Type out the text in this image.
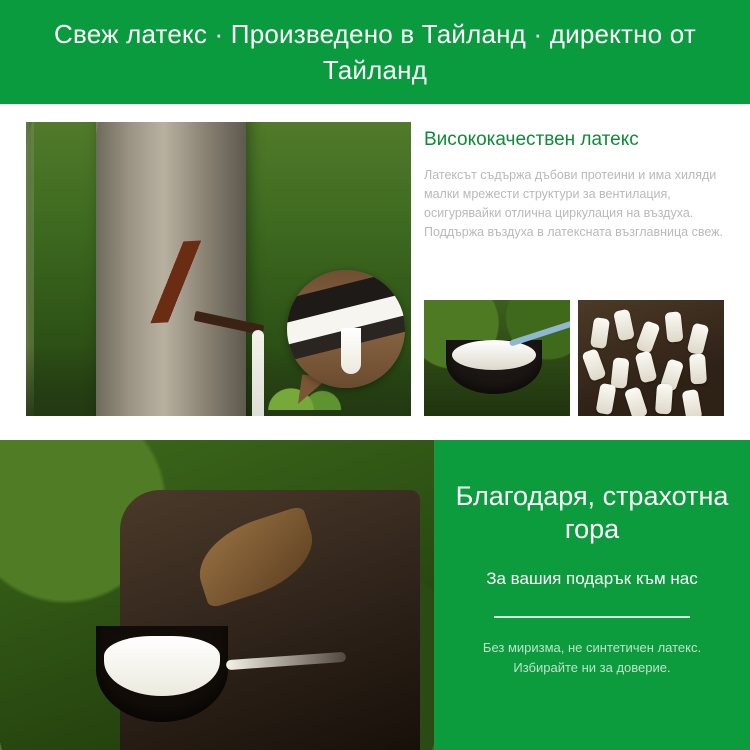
Свеж латекс · Произведено в Тайланд · директно от Тайланд
Висококачествен латекс
Латексът съдържа дъбови протеини и има хиляди малки мрежести структури за вентилация, осигурявайки отлична циркулация на въздуха. Поддържа въздуха в латексната възглавница свеж.
Благодаря, страхотна гора
За вашия подарък към нас
Без миризма, не синтетичен латекс. Избирайте ни за доверие.
